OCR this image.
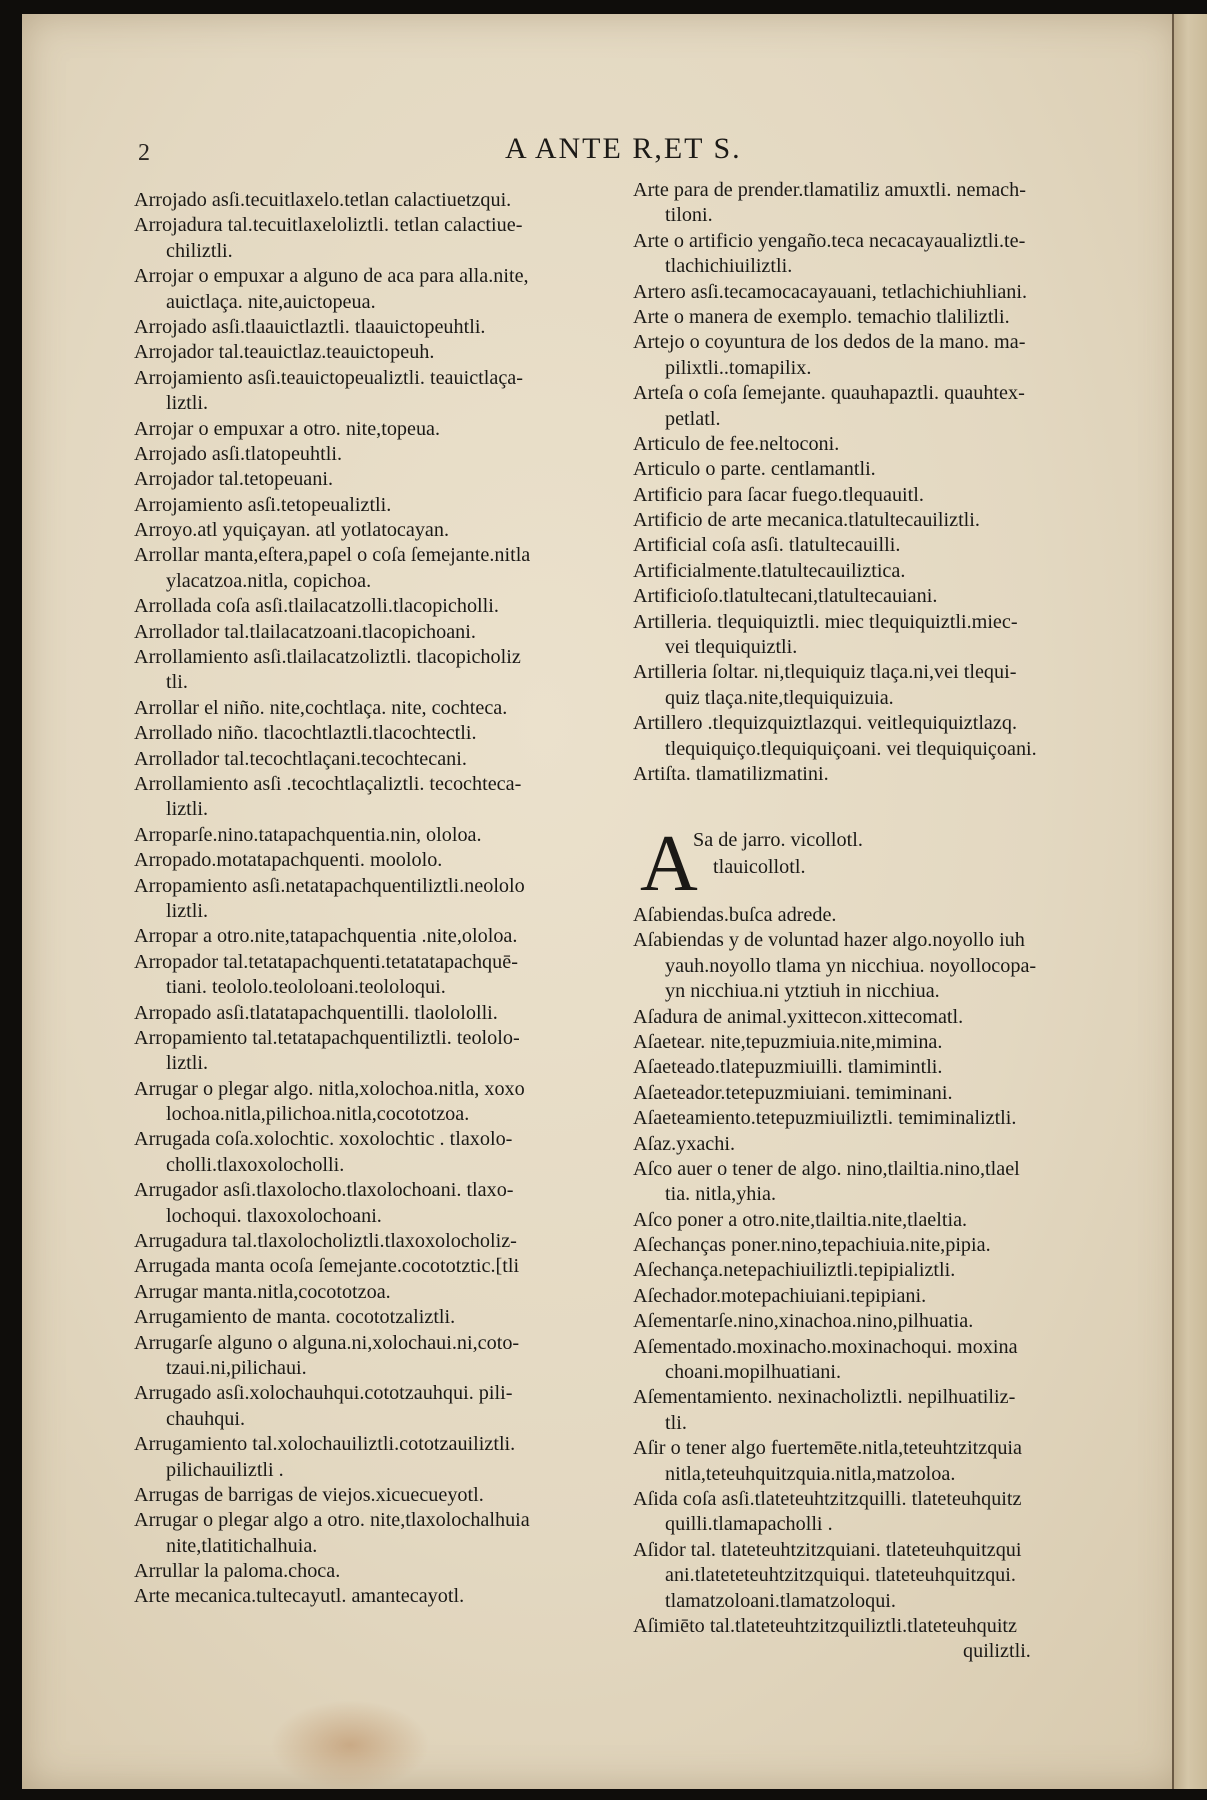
2	A ANTE R,ET S.
Arrojado asſi.tecuitlaxelo.tetlan calactiuetzqui.
Arrojadura tal.tecuitlaxeloliztli. tetlan calactiue-
chiliztli.
Arrojar o empuxar a alguno de aca para alla.nite,
auictlaça. nite,auictopeua.
Arrojado asſi.tlaauictlaztli. tlaauictopeuhtli.
Arrojador tal.teauictlaz.teauictopeuh.
Arrojamiento asſi.teauictopeualiztli. teauictlaça-
liztli.
Arrojar o empuxar a otro. nite,topeua.
Arrojado asſi.tlatopeuhtli.
Arrojador tal.tetopeuani.
Arrojamiento asſi.tetopeualiztli.
Arroyo.atl yquiçayan. atl yotlatocayan.
Arrollar manta,eſtera,papel o coſa ſemejante.nitla
ylacatzoa.nitla, copichoa.
Arrollada coſa asſi.tlailacatzolli.tlacopicholli.
Arrollador tal.tlailacatzoani.tlacopichoani.
Arrollamiento asſi.tlailacatzoliztli. tlacopicholiz
tli.
Arrollar el niño. nite,cochtlaça. nite, cochteca.
Arrollado niño. tlacochtlaztli.tlacochtectli.
Arrollador tal.tecochtlaçani.tecochtecani.
Arrollamiento asſi .tecochtlaçaliztli. tecochteca-
liztli.
Arroparſe.nino.tatapachquentia.nin, ololoa.
Arropado.motatapachquenti. moololo.
Arropamiento asſi.netatapachquentiliztli.neololo
liztli.
Arropar a otro.nite,tatapachquentia .nite,ololoa.
Arropador tal.tetatapachquenti.tetatatapachquē-
tiani. teololo.teololoani.teololoqui.
Arropado asſi.tlatatapachquentilli. tlaolololli.
Arropamiento tal.tetatapachquentiliztli. teololo-
liztli.
Arrugar o plegar algo. nitla,xolochoa.nitla, xoxo
lochoa.nitla,pilichoa.nitla,cocototzoa.
Arrugada coſa.xolochtic. xoxolochtic . tlaxolo-
cholli.tlaxoxolocholli.
Arrugador asſi.tlaxolocho.tlaxolochoani. tlaxo-
lochoqui. tlaxoxolochoani.
Arrugadura tal.tlaxolocholiztli.tlaxoxolocholiz-
Arrugada manta ocoſa ſemejante.cocototztic.[tli
Arrugar manta.nitla,cocototzoa.
Arrugamiento de manta. cocototzaliztli.
Arrugarſe alguno o alguna.ni,xolochaui.ni,coto-
tzaui.ni,pilichaui.
Arrugado asſi.xolochauhqui.cototzauhqui. pili-
chauhqui.
Arrugamiento tal.xolochauiliztli.cototzauiliztli.
pilichauiliztli .
Arrugas de barrigas de viejos.xicuecueyotl.
Arrugar o plegar algo a otro. nite,tlaxolochalhuia
nite,tlatitichalhuia.
Arrullar la paloma.choca.
Arte mecanica.tultecayutl. amantecayotl.
Arte para de prender.tlamatiliz amuxtli. nemach-
tiloni.
Arte o artificio yengaño.teca necacayaualiztli.te-
tlachichiuiliztli.
Artero asſi.tecamocacayauani, tetlachichiuhliani.
Arte o manera de exemplo. temachio tlaliliztli.
Artejo o coyuntura de los dedos de la mano. ma-
pilixtli..tomapilix.
Arteſa o coſa ſemejante. quauhapaztli. quauhtex-
petlatl.
Articulo de fee.neltoconi.
Articulo o parte. centlamantli.
Artificio para ſacar fuego.tlequauitl.
Artificio de arte mecanica.tlatultecauiliztli.
Artificial coſa asſi. tlatultecauilli.
Artificialmente.tlatultecauiliztica.
Artificioſo.tlatultecani,tlatultecauiani.
Artilleria. tlequiquiztli. miec tlequiquiztli.miec-
vei tlequiquiztli.
Artilleria ſoltar. ni,tlequiquiz tlaça.ni,vei tlequi-
quiz tlaça.nite,tlequiquizuia.
Artillero .tlequizquiztlazqui. veitlequiquiztlazq.
tlequiquiço.tlequiquiçoani. vei tlequiquiçoani.
Artiſta. tlamatilizmatini.
A
Sa de jarro. vicollotl.
tlauicollotl.
Aſabiendas.buſca adrede.
Aſabiendas y de voluntad hazer algo.noyollo iuh
yauh.noyollo tlama yn nicchiua. noyollocopa-
yn nicchiua.ni ytztiuh in nicchiua.
Aſadura de animal.yxittecon.xittecomatl.
Aſaetear. nite,tepuzmiuia.nite,mimina.
Aſaeteado.tlatepuzmiuilli. tlamimintli.
Aſaeteador.tetepuzmiuiani. temiminani.
Aſaeteamiento.tetepuzmiuiliztli. temiminaliztli.
Aſaz.yxachi.
Aſco auer o tener de algo. nino,tlailtia.nino,tlael
tia. nitla,yhia.
Aſco poner a otro.nite,tlailtia.nite,tlaeltia.
Aſechanças poner.nino,tepachiuia.nite,pipia.
Aſechança.netepachiuiliztli.tepipializtli.
Aſechador.motepachiuiani.tepipiani.
Aſementarſe.nino,xinachoa.nino,pilhuatia.
Aſementado.moxinacho.moxinachoqui. moxina
choani.mopilhuatiani.
Aſementamiento. nexinacholiztli. nepilhuatiliz-
tli.
Aſir o tener algo fuertemēte.nitla,teteuhtzitzquia
nitla,teteuhquitzquia.nitla,matzoloa.
Aſida coſa asſi.tlateteuhtzitzquilli. tlateteuhquitz
quilli.tlamapacholli .
Aſidor tal. tlateteuhtzitzquiani. tlateteuhquitzqui
ani.tlateteteuhtzitzquiqui. tlateteuhquitzqui.
tlamatzoloani.tlamatzoloqui.
Aſimiēto tal.tlateteuhtzitzquiliztli.tlateteuhquitz
quiliztli.
